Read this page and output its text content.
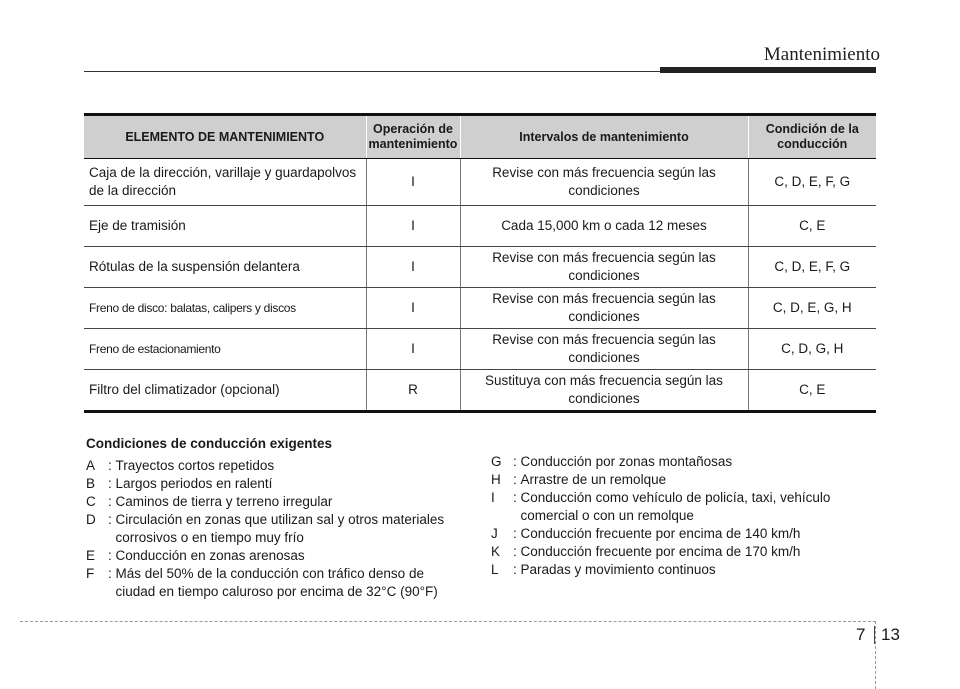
Mantenimiento
ELEMENTO DE MANTENIMIENTO	Operación de mantenimiento	Intervalos de mantenimiento	Condición de la conducción
Caja de la dirección, varillaje y guardapolvos de la dirección	I	Revise con más frecuencia según las condiciones	C, D, E, F, G
Eje de tramisión	I	Cada 15,000 km o cada 12 meses	C, E
Rótulas de la suspensión delantera	I	Revise con más frecuencia según las condiciones	C, D, E, F, G
Freno de disco: balatas, calipers y discos	I	Revise con más frecuencia según las condiciones	C, D, E, G, H
Freno de estacionamiento	I	Revise con más frecuencia según las condiciones	C, D, G, H
Filtro del climatizador (opcional)	R	Sustituya con más frecuencia según las condiciones	C, E
Condiciones de conducción exigentes
A : Trayectos cortos repetidos
B : Largos periodos en ralentí
C : Caminos de tierra y terreno irregular
D : Circulación en zonas que utilizan sal y otros materiales corrosivos o en tiempo muy frío
E : Conducción en zonas arenosas
F	: Más del 50% de la conducción con tráfico denso de ciudad en tiempo caluroso por encima de 32°C (90°F)
G : Conducción por zonas montañosas
H : Arrastre de un remolque
I	: Conducción como vehículo de policía, taxi, vehículo comercial o con un remolque
J	: Conducción frecuente por encima de 140 km/h
K : Conducción frecuente por encima de 170 km/h
L	: Paradas y movimiento continuos
7 13
